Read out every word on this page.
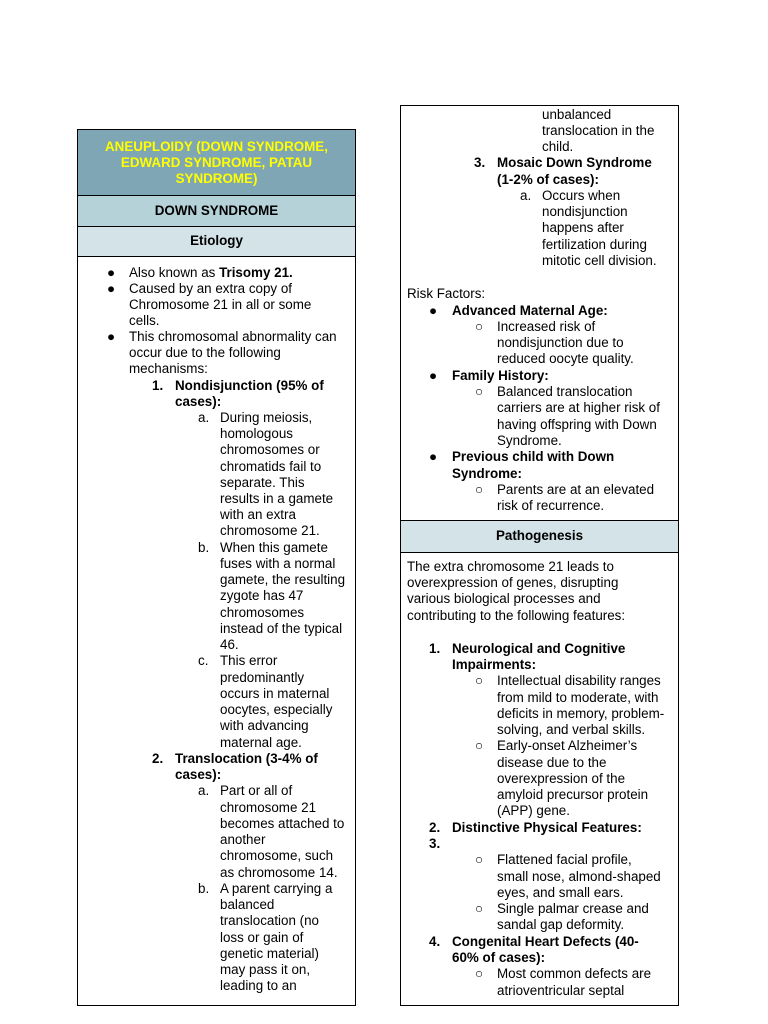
ANEUPLOIDY (DOWN SYNDROME, EDWARD SYNDROME, PATAU SYNDROME)
DOWN SYNDROME
Etiology
● Also known as Trisomy 21.
● Caused by an extra copy of
Chromosome 21 in all or some
cells.
● This chromosomal abnormality can
occur due to the following
mechanisms:
1. Nondisjunction (95% of
cases):
a. During meiosis,
homologous
chromosomes or
chromatids fail to
separate. This
results in a gamete
with an extra
chromosome 21.
b. When this gamete
fuses with a normal
gamete, the resulting
zygote has 47
chromosomes
instead of the typical
46.
c. This error
predominantly
occurs in maternal
oocytes, especially
with advancing
maternal age.
2. Translocation (3-4% of
cases):
a. Part or all of
chromosome 21
becomes attached to
another
chromosome, such
as chromosome 14.
b. A parent carrying a
balanced
translocation (no
loss or gain of
genetic material)
may pass it on,
leading to an
unbalanced
translocation in the
child.
3. Mosaic Down Syndrome
(1-2% of cases):
a. Occurs when
nondisjunction
happens after
fertilization during
mitotic cell division.
Risk Factors:
● Advanced Maternal Age:
○ Increased risk of
nondisjunction due to
reduced oocyte quality.
● Family History:
○ Balanced translocation
carriers are at higher risk of
having offspring with Down
Syndrome.
● Previous child with Down
Syndrome:
○ Parents are at an elevated
risk of recurrence.
Pathogenesis
The extra chromosome 21 leads to
overexpression of genes, disrupting
various biological processes and
contributing to the following features:
1. Neurological and Cognitive
Impairments:
○ Intellectual disability ranges
from mild to moderate, with
deficits in memory, problem-
solving, and verbal skills.
○ Early-onset Alzheimer’s
disease due to the
overexpression of the
amyloid precursor protein
(APP) gene.
2. Distinctive Physical Features:
3.
○ Flattened facial profile,
small nose, almond-shaped
eyes, and small ears.
○ Single palmar crease and
sandal gap deformity.
4. Congenital Heart Defects (40-
60% of cases):
○ Most common defects are
atrioventricular septal
